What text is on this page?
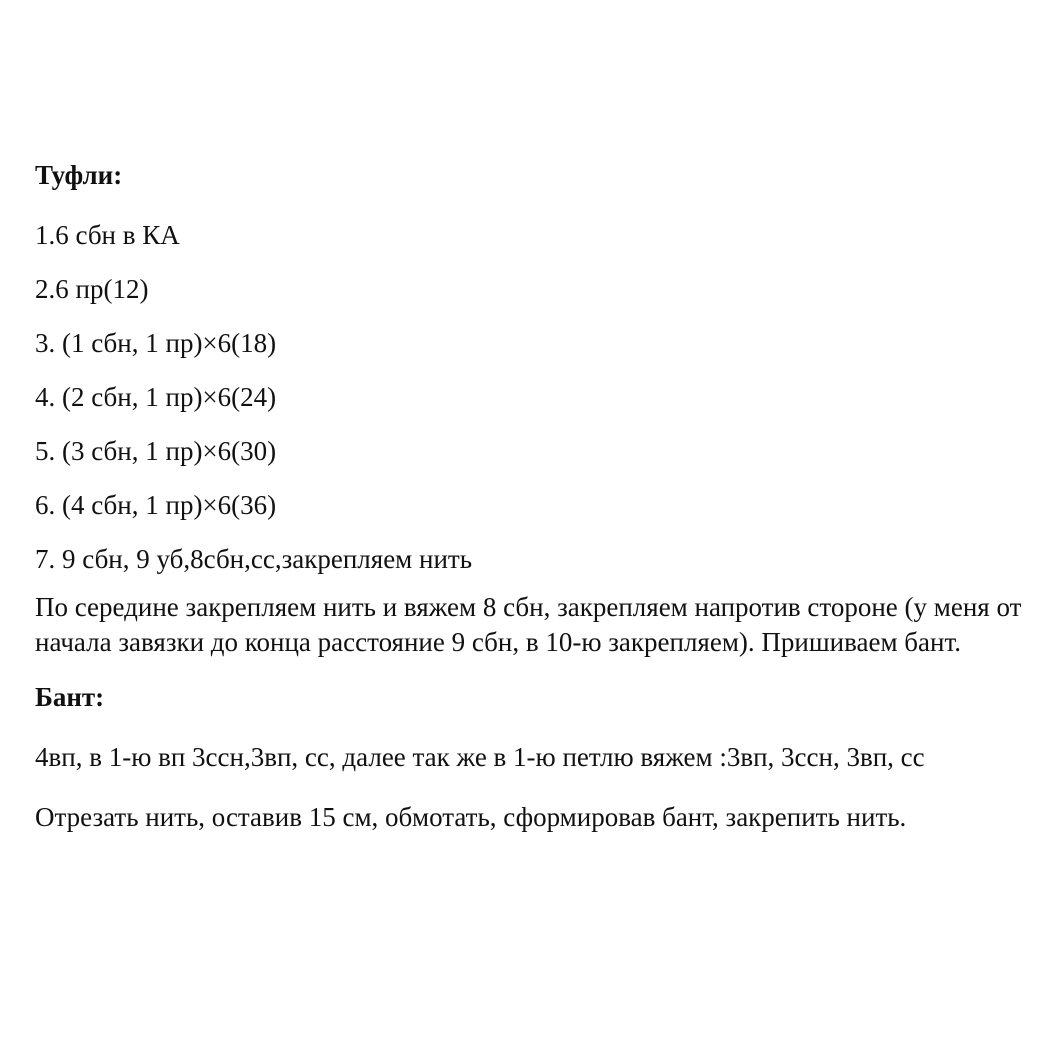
Туфли:

1.6 сбн в КА

2.6 пр(12)

3. (1 сбн, 1 пр)×6(18)

4. (2 сбн, 1 пр)×6(24)

5. (3 сбн, 1 пр)×6(30)

6. (4 сбн, 1 пр)×6(36)

7. 9 сбн, 9 уб,8сбн,сс,закрепляем нить

По середине закрепляем нить и вяжем 8 сбн, закрепляем напротив стороне (у меня от начала завязки до конца расстояние 9 сбн, в 10-ю закрепляем). Пришиваем бант.

Бант:

4вп, в 1-ю вп 3ссн,3вп, сс, далее так же в 1-ю петлю вяжем :3вп, 3ссн, 3вп, сс

Отрезать нить, оставив 15 см, обмотать, сформировав бант, закрепить нить.
